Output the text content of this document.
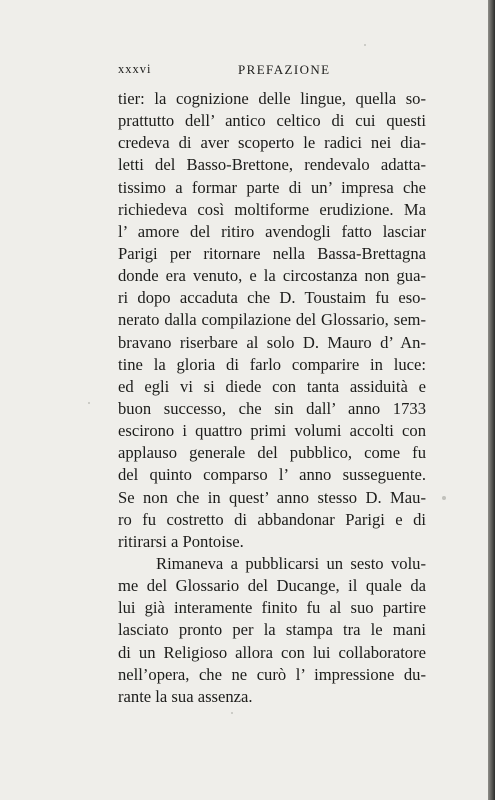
xxxvi	PREFAZIONE
tier: la cognizione delle lingue, quella so-
prattutto dell’ antico celtico di cui questi
credeva di aver scoperto le radici nei dia-
letti del Basso-Brettone, rendevalo adatta-
tissimo a formar parte di un’ impresa che
richiedeva così moltiforme erudizione. Ma
l’ amore del ritiro avendogli fatto lasciar
Parigi per ritornare nella Bassa-Brettagna
donde era venuto, e la circostanza non gua-
ri dopo accaduta che D. Toustaim fu eso-
nerato dalla compilazione del Glossario, sem-
bravano riserbare al solo D. Mauro d’ An-
tine la gloria di farlo comparire in luce:
ed egli vi si diede con tanta assiduità e
buon successo, che sin dall’ anno 1733
escirono i quattro primi volumi accolti con
applauso generale del pubblico, come fu
del quinto comparso l’ anno susseguente.
Se non che in quest’ anno stesso D. Mau-
ro fu costretto di abbandonar Parigi e di
ritirarsi a Pontoise.
Rimaneva a pubblicarsi un sesto volu-
me del Glossario del Ducange, il quale da
lui già interamente finito fu al suo partire
lasciato pronto per la stampa tra le mani
di un Religioso allora con lui collaboratore
nell’opera, che ne curò l’ impressione du-
rante la sua assenza.
